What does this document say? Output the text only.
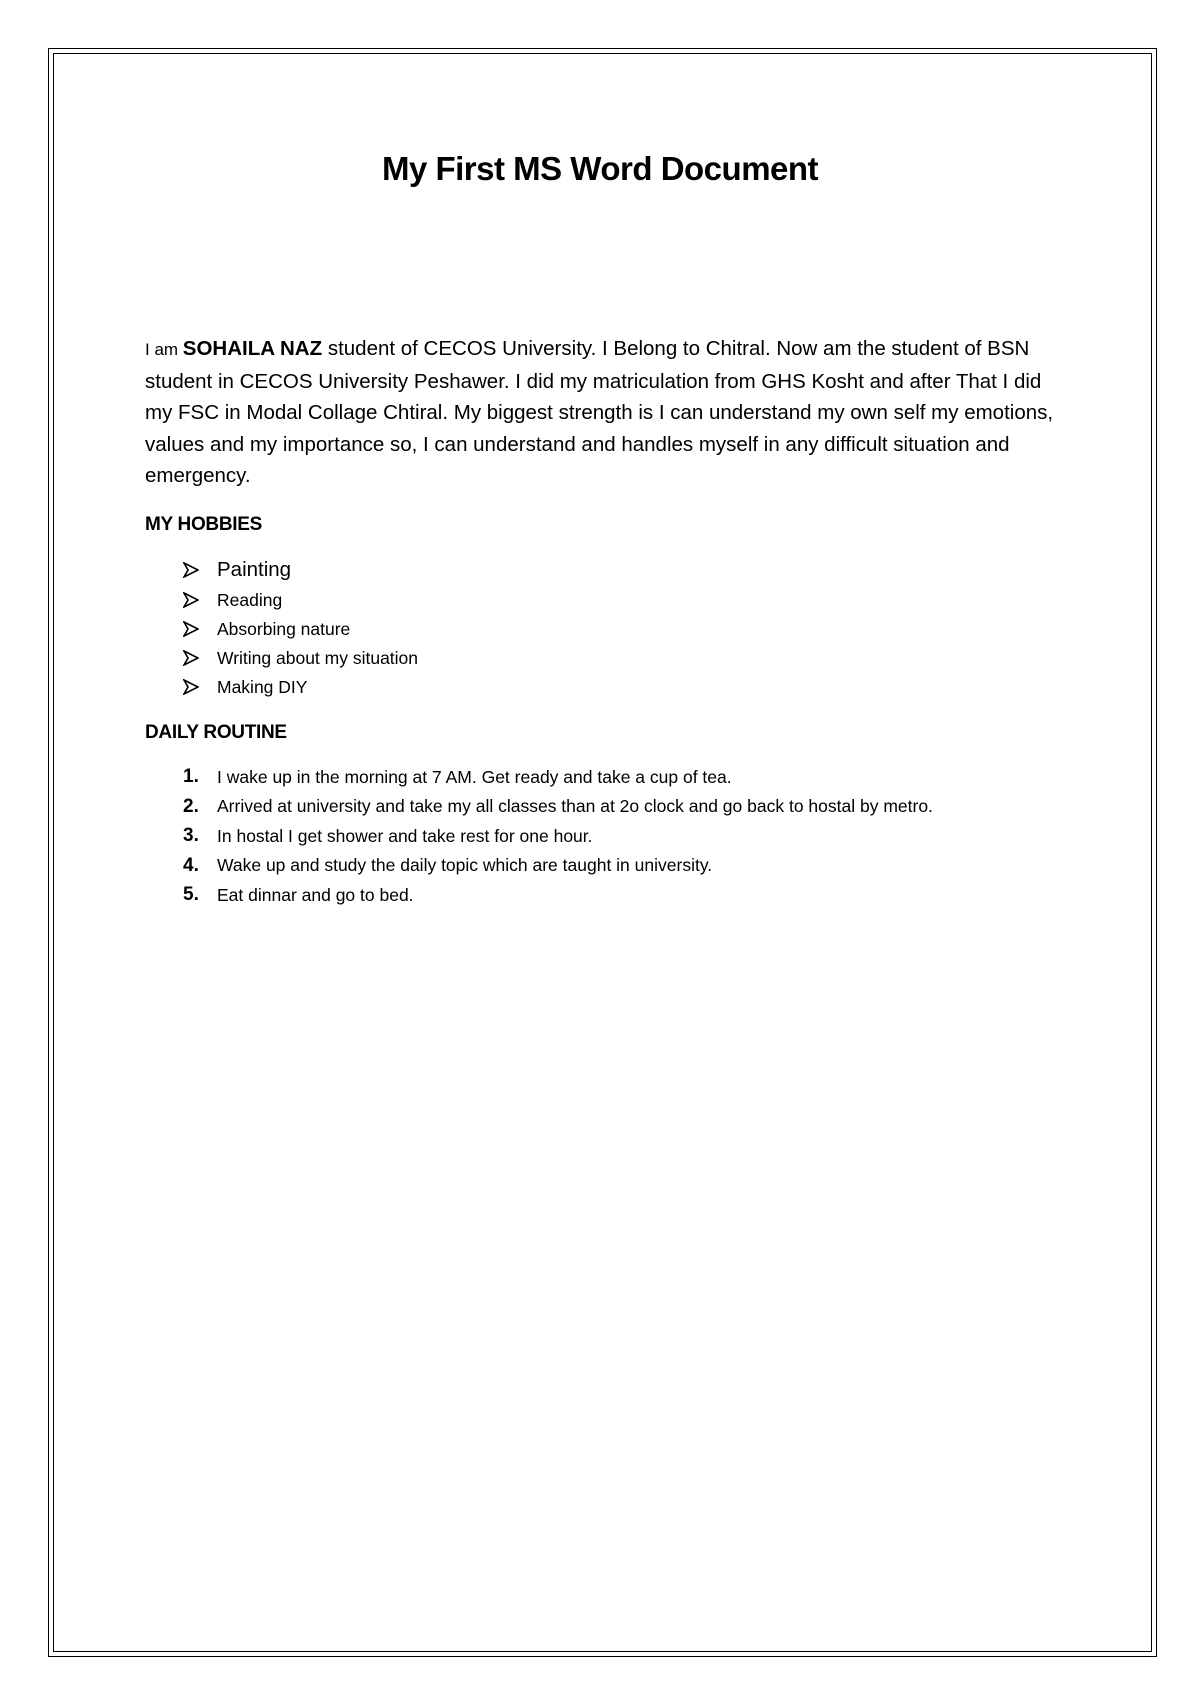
My First MS Word Document

I am SOHAILA NAZ student of CECOS University. I Belong to Chitral. Now am the student of BSN student in CECOS University Peshawer. I did my matriculation from GHS Kosht and after That I did my FSC in Modal Collage Chtiral. My biggest strength is I can understand my own self my emotions, values and my importance so, I can understand and handles myself in any difficult situation and emergency.

MY HOBBIES

Painting
Reading
Absorbing nature
Writing about my situation
Making DIY

DAILY ROUTINE

1.	I wake up in the morning at 7 AM. Get ready and take a cup of tea.
2.	Arrived at university and take my all classes than at 2o clock and go back to hostal by metro.
3.	In hostal I get shower and take rest for one hour.
4.	Wake up and study the daily topic which are taught in university.
5.	Eat dinnar and go to bed.
